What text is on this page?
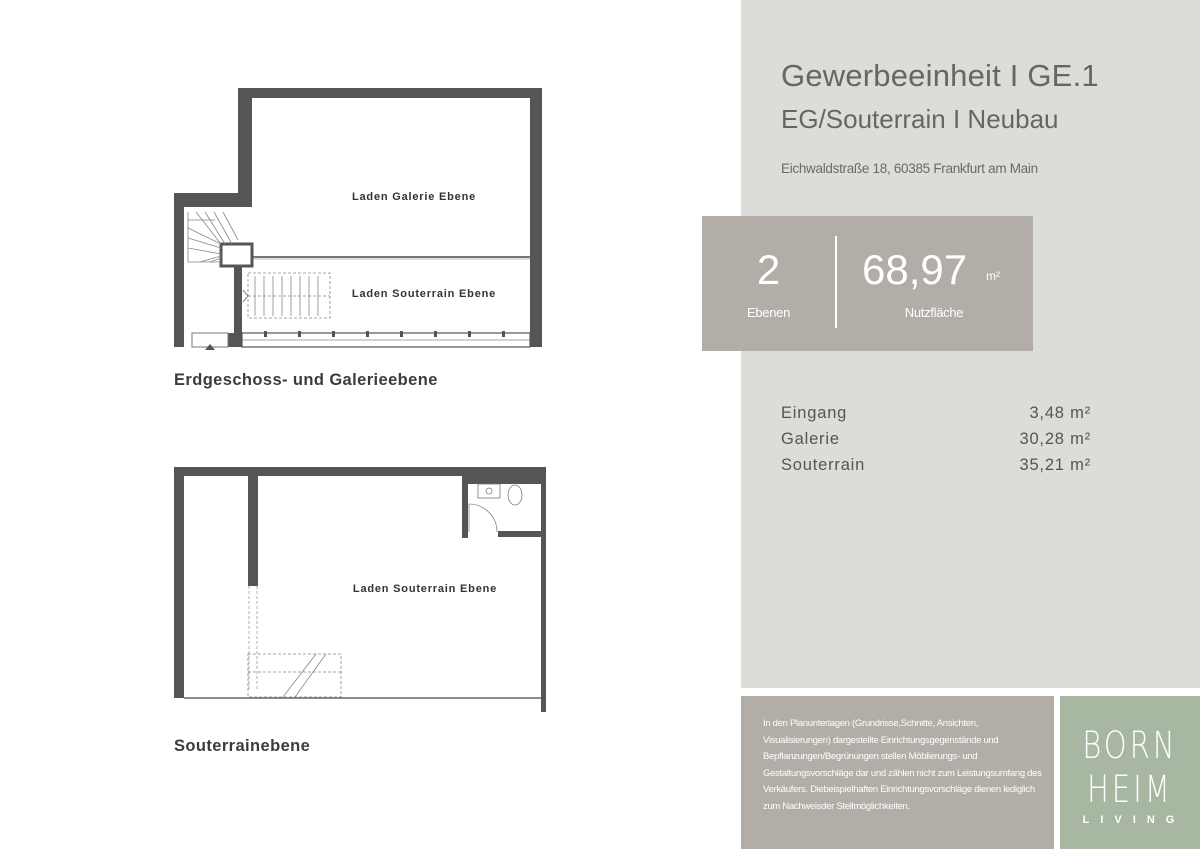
Laden Galerie Ebene
Laden Souterrain Ebene
Laden Souterrain Ebene
Erdgeschoss- und Galerieebene
Souterrainebene
Gewerbeeinheit I GE.1
EG/Souterrain I Neubau
Eichwaldstraße 18, 60385 Frankfurt am Main
2
Ebenen
68,97 m²
Nutzfläche
Eingang	3,48 m²
Galerie	30,28 m²
Souterrain	35,21 m²

In den Planunterlagen (Grundrisse,Schnitte, Ansichten, Visualisierungen) dargestellte Einrichtungsgegenstände und Bepflanzungen/Begrünungen stellen Möblierungs- und Gestaltungsvorschläge dar und zählen nicht zum Leistungsumfang des Verkäufers. Diebeispielhaften Einrichtungsvorschläge dienen lediglich zum Nachweisder Stellmöglichkeiten.

BORN
HEIM
LIVING
